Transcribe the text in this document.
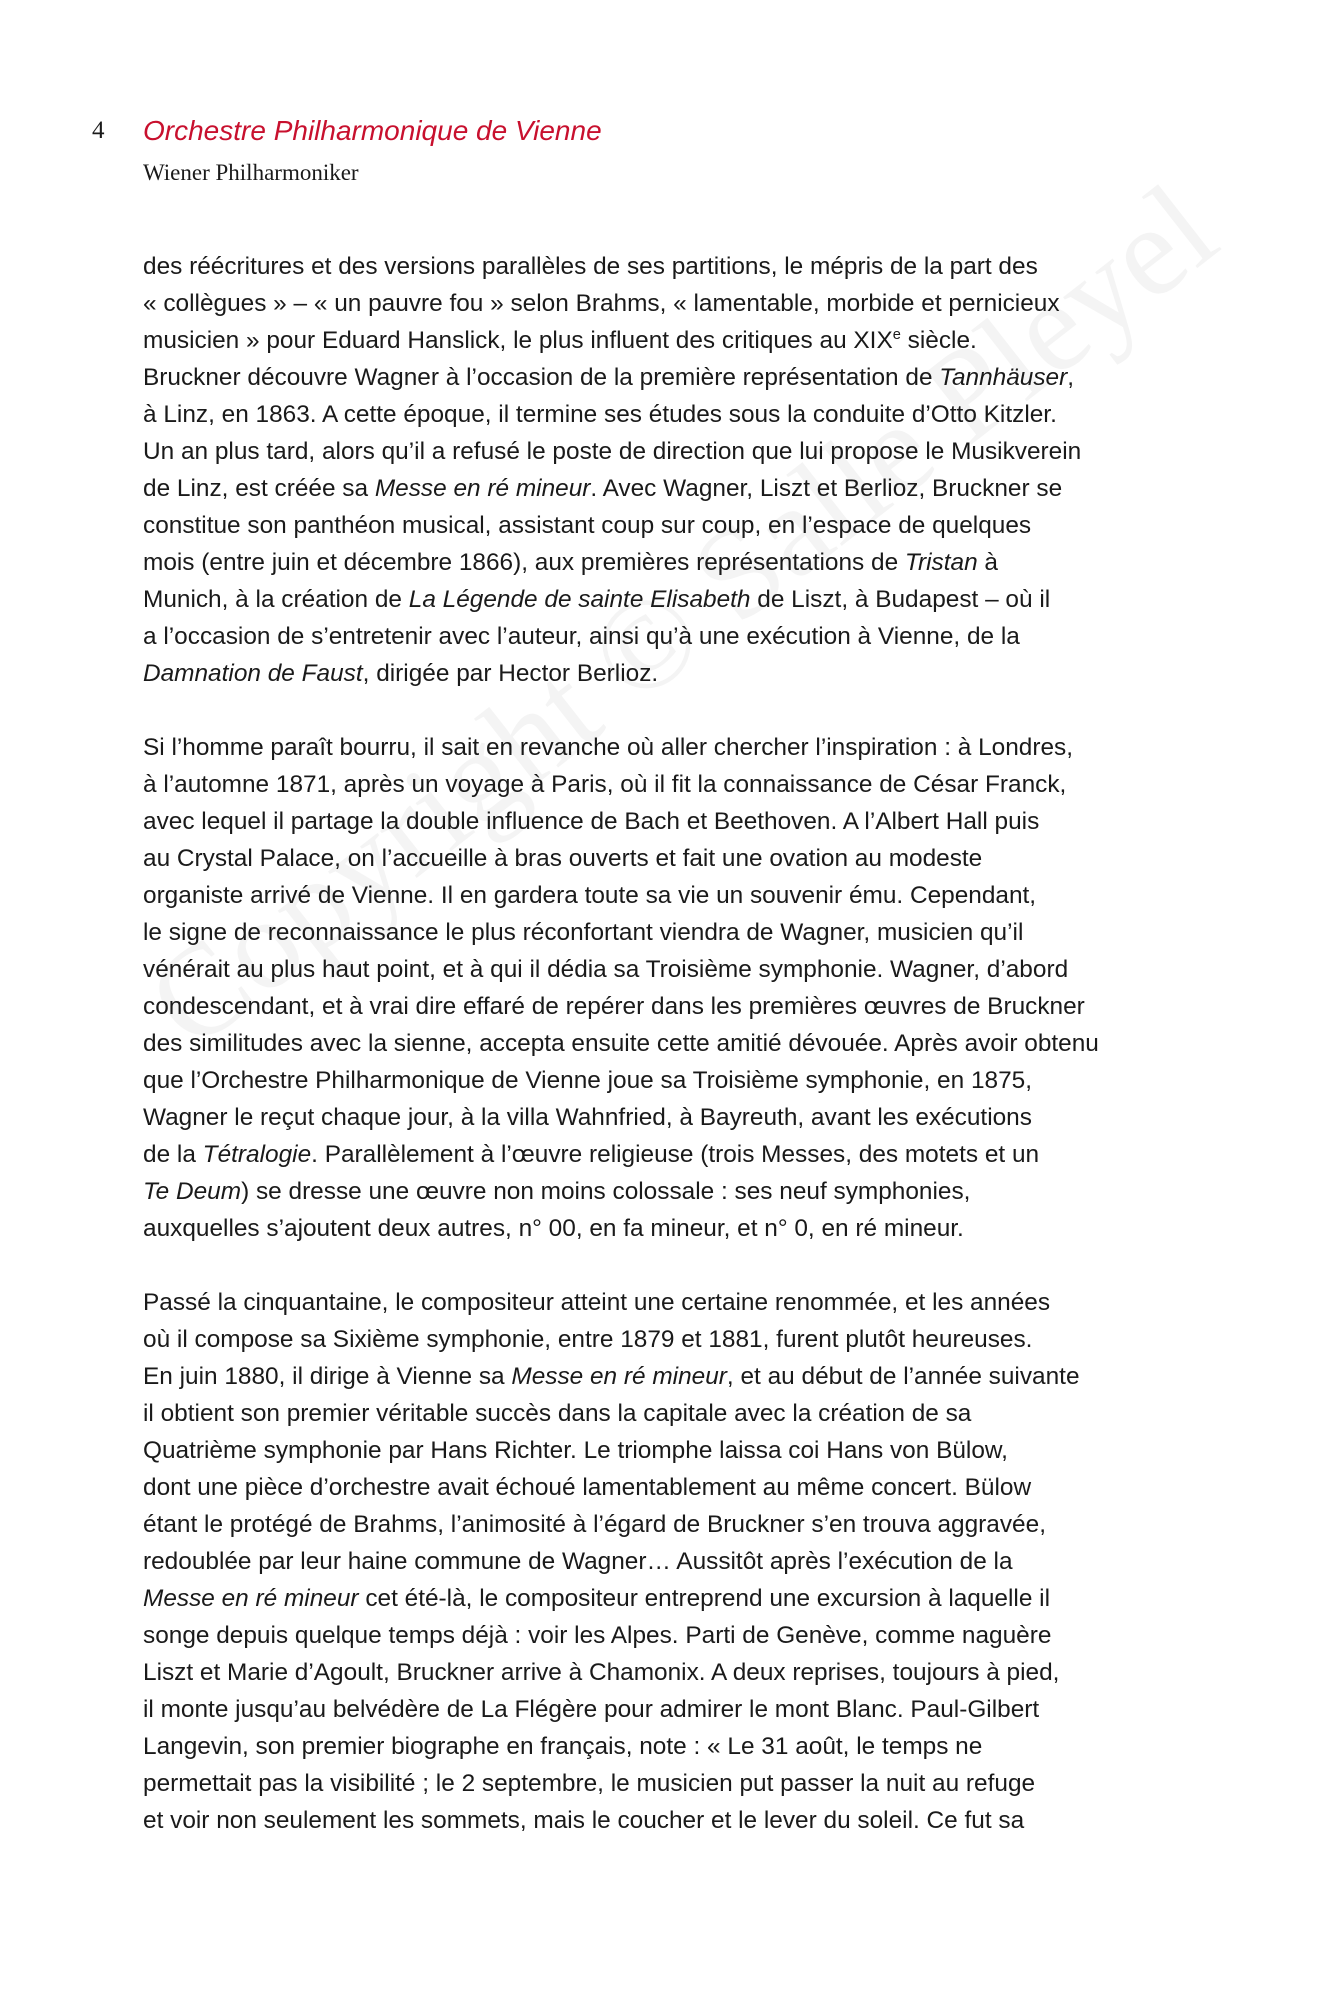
4 Orchestre Philharmonique de Vienne
Wiener Philharmoniker

des réécritures et des versions parallèles de ses partitions, le mépris de la part des
« collègues » – « un pauvre fou » selon Brahms, « lamentable, morbide et pernicieux
musicien » pour Eduard Hanslick, le plus influent des critiques au XIXe siècle.
Bruckner découvre Wagner à l’occasion de la première représentation de Tannhäuser,
à Linz, en 1863. A cette époque, il termine ses études sous la conduite d’Otto Kitzler.
Un an plus tard, alors qu’il a refusé le poste de direction que lui propose le Musikverein
de Linz, est créée sa Messe en ré mineur. Avec Wagner, Liszt et Berlioz, Bruckner se
constitue son panthéon musical, assistant coup sur coup, en l’espace de quelques
mois (entre juin et décembre 1866), aux premières représentations de Tristan à
Munich, à la création de La Légende de sainte Elisabeth de Liszt, à Budapest – où il
a l’occasion de s’entretenir avec l’auteur, ainsi qu’à une exécution à Vienne, de la
Damnation de Faust, dirigée par Hector Berlioz.

Si l’homme paraît bourru, il sait en revanche où aller chercher l’inspiration : à Londres,
à l’automne 1871, après un voyage à Paris, où il fit la connaissance de César Franck,
avec lequel il partage la double influence de Bach et Beethoven. A l’Albert Hall puis
au Crystal Palace, on l’accueille à bras ouverts et fait une ovation au modeste
organiste arrivé de Vienne. Il en gardera toute sa vie un souvenir ému. Cependant,
le signe de reconnaissance le plus réconfortant viendra de Wagner, musicien qu’il
vénérait au plus haut point, et à qui il dédia sa Troisième symphonie. Wagner, d’abord
condescendant, et à vrai dire effaré de repérer dans les premières œuvres de Bruckner
des similitudes avec la sienne, accepta ensuite cette amitié dévouée. Après avoir obtenu
que l’Orchestre Philharmonique de Vienne joue sa Troisième symphonie, en 1875,
Wagner le reçut chaque jour, à la villa Wahnfried, à Bayreuth, avant les exécutions
de la Tétralogie. Parallèlement à l’œuvre religieuse (trois Messes, des motets et un
Te Deum) se dresse une œuvre non moins colossale : ses neuf symphonies,
auxquelles s’ajoutent deux autres, n° 00, en fa mineur, et n° 0, en ré mineur.

Passé la cinquantaine, le compositeur atteint une certaine renommée, et les années
où il compose sa Sixième symphonie, entre 1879 et 1881, furent plutôt heureuses.
En juin 1880, il dirige à Vienne sa Messe en ré mineur, et au début de l’année suivante
il obtient son premier véritable succès dans la capitale avec la création de sa
Quatrième symphonie par Hans Richter. Le triomphe laissa coi Hans von Bülow,
dont une pièce d’orchestre avait échoué lamentablement au même concert. Bülow
étant le protégé de Brahms, l’animosité à l’égard de Bruckner s’en trouva aggravée,
redoublée par leur haine commune de Wagner… Aussitôt après l’exécution de la
Messe en ré mineur cet été-là, le compositeur entreprend une excursion à laquelle il
songe depuis quelque temps déjà : voir les Alpes. Parti de Genève, comme naguère
Liszt et Marie d’Agoult, Bruckner arrive à Chamonix. A deux reprises, toujours à pied,
il monte jusqu’au belvédère de La Flégère pour admirer le mont Blanc. Paul-Gilbert
Langevin, son premier biographe en français, note : « Le 31 août, le temps ne
permettait pas la visibilité ; le 2 septembre, le musicien put passer la nuit au refuge
et voir non seulement les sommets, mais le coucher et le lever du soleil. Ce fut sa
